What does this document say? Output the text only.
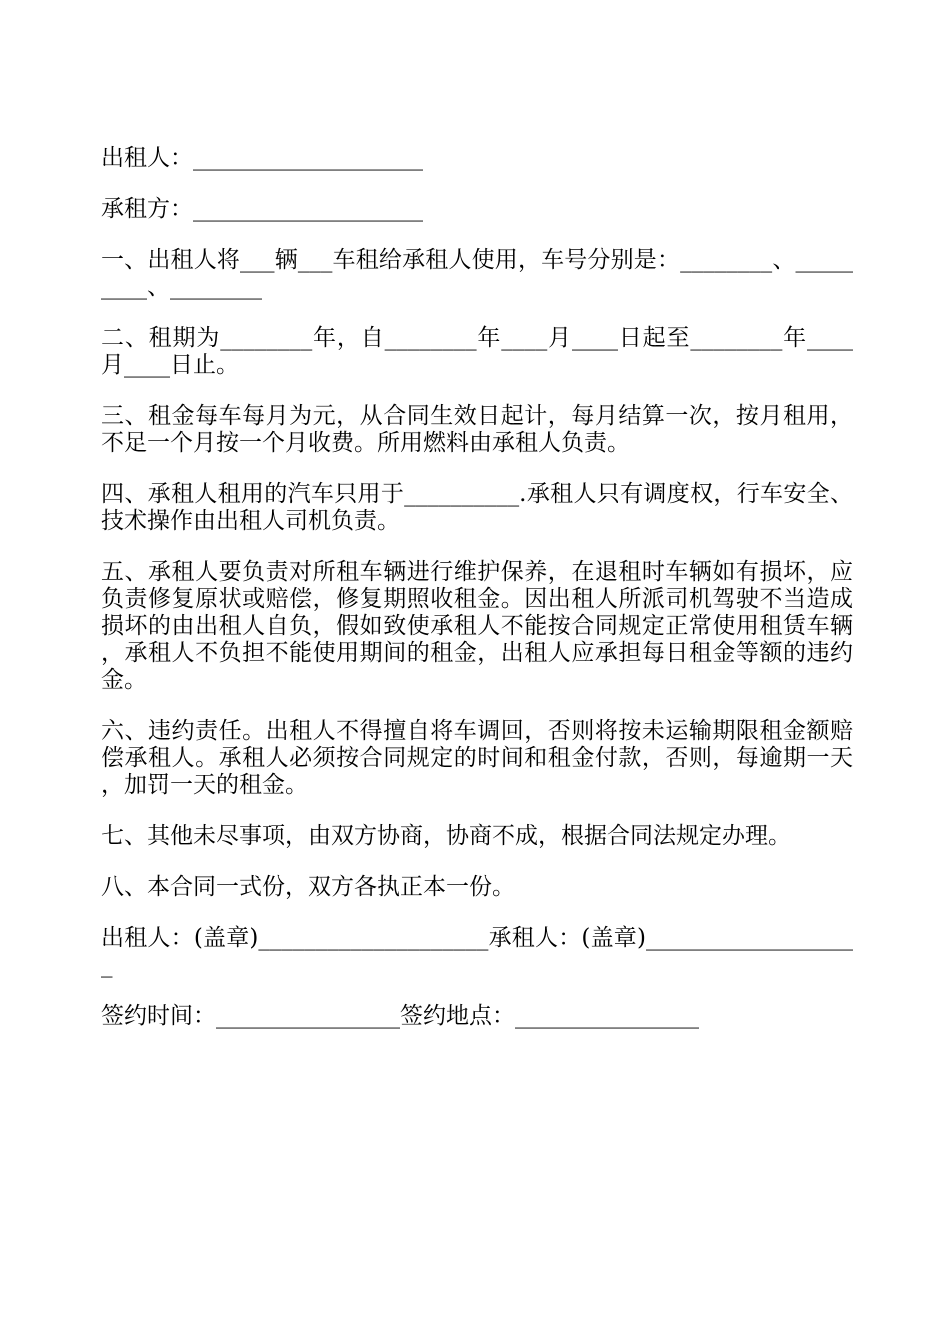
出租人：____________________

承租方：____________________

一、出租人将___辆___车租给承租人使用，车号分别是：________、_________、________

二、租期为________年，自________年____月____日起至________年____月____日止。

三、租金每车每月为元，从合同生效日起计，每月结算一次，按月租用，不足一个月按一个月收费。所用燃料由承租人负责。

四、承租人租用的汽车只用于__________.承租人只有调度权，行车安全、技术操作由出租人司机负责。

五、承租人要负责对所租车辆进行维护保养，在退租时车辆如有损坏，应负责修复原状或赔偿，修复期照收租金。因出租人所派司机驾驶不当造成损坏的由出租人自负，假如致使承租人不能按合同规定正常使用租赁车辆，承租人不负担不能使用期间的租金，出租人应承担每日租金等额的违约金。

六、违约责任。出租人不得擅自将车调回，否则将按未运输期限租金额赔偿承租人。承租人必须按合同规定的时间和租金付款，否则，每逾期一天，加罚一天的租金。

七、其他未尽事项，由双方协商，协商不成，根据合同法规定办理。

八、本合同一式份，双方各执正本一份。

出租人：(盖章)____________________承租人：(盖章)___________________

签约时间：________________签约地点：________________
